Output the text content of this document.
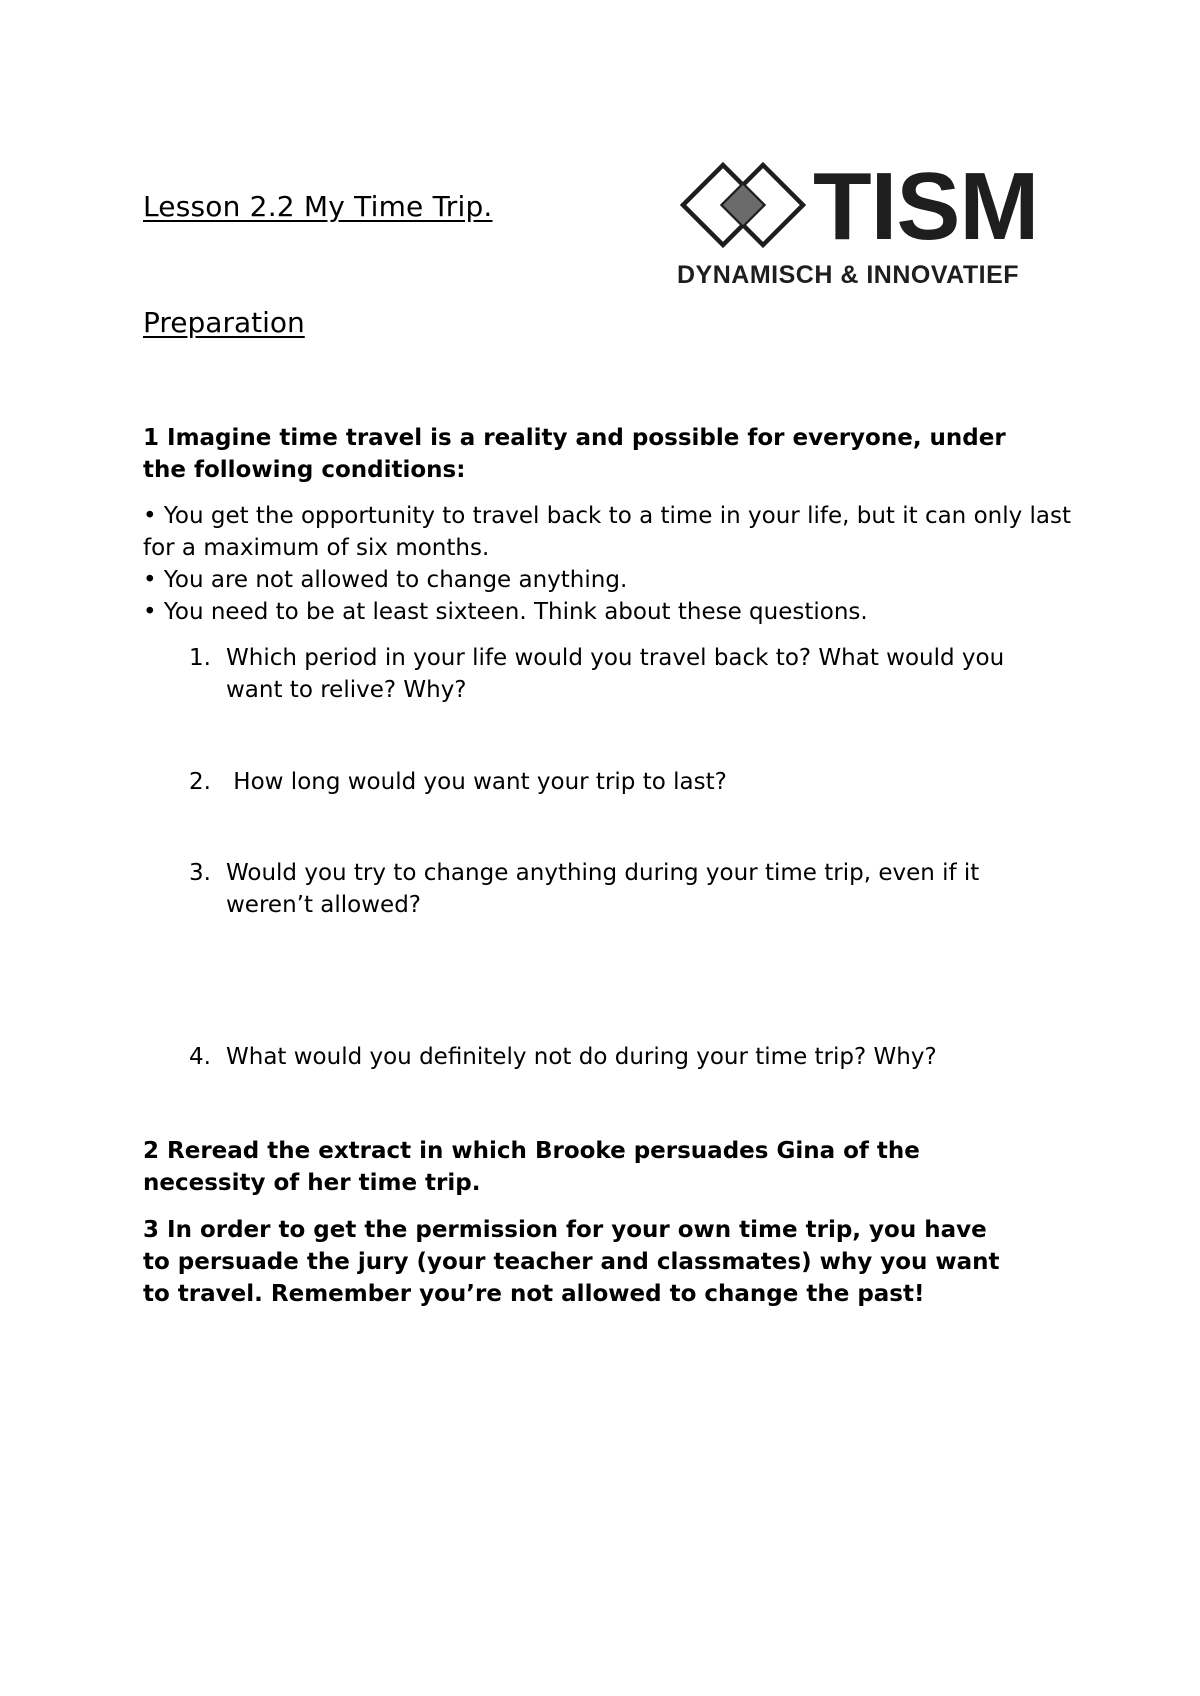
Lesson 2.2 My Time Trip.	TISM
DYNAMISCH & INNOVATIEF
Preparation

1 Imagine time travel is a reality and possible for everyone, under
the following conditions:

• You get the opportunity to travel back to a time in your life, but it can only last for a maximum of six months.
• You are not allowed to change anything.
• You need to be at least sixteen. Think about these questions.
1. Which period in your life would you travel back to? What would you
want to relive? Why?
2. How long would you want your trip to last?
3. Would you try to change anything during your time trip, even if it
weren’t allowed?
4. What would you definitely not do during your time trip? Why?

2 Reread the extract in which Brooke persuades Gina of the
necessity of her time trip.

3 In order to get the permission for your own time trip, you have
to persuade the jury (your teacher and classmates) why you want
to travel. Remember you’re not allowed to change the past!
